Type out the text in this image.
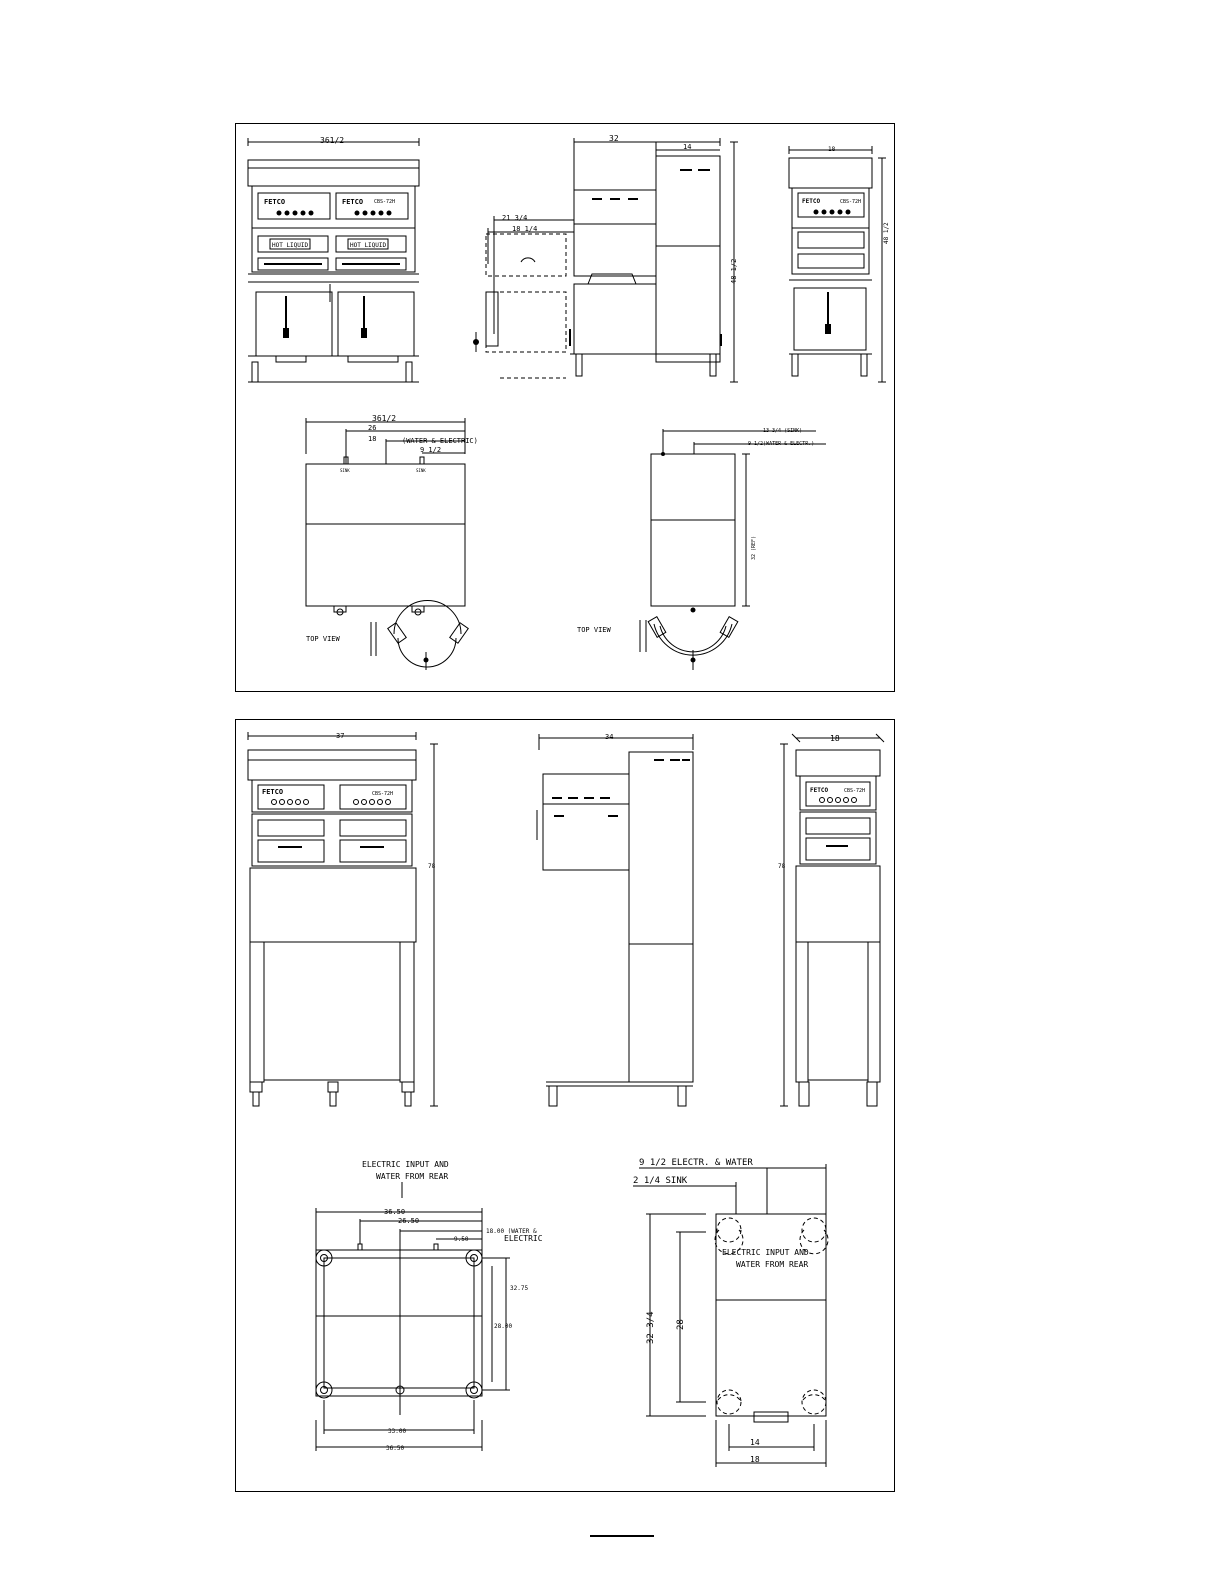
361/2
FETCO	FETCO CBS-72H
HOT LIQUID	HOT LIQUID
32
14
21 3/4
18 1/4
48 1/2
18
FETCO	CBS-72H
48 1/2
361/2
26
18	(WATER & ELECTRIC)
9 1/2
SINK	SINK
TOP VIEW
13 3/4 (SINK)
9 1/2(WATER & ELECTR.)
32 (REF)
TOP VIEW
37
FETCO	CBS-72H
78
34	18
FETCO	CBS-72H
78
ELECTRIC INPUT AND
WATER FROM REAR
36.50
26.50
18.00 (WATER &
ELECTRIC
9.50
32.75
28.00
33.00
36.50
9 1/2 ELECTR. & WATER
2 1/4 SINK
ELECTRIC INPUT AND
WATER FROM REAR
32 3/4 28
14
18
